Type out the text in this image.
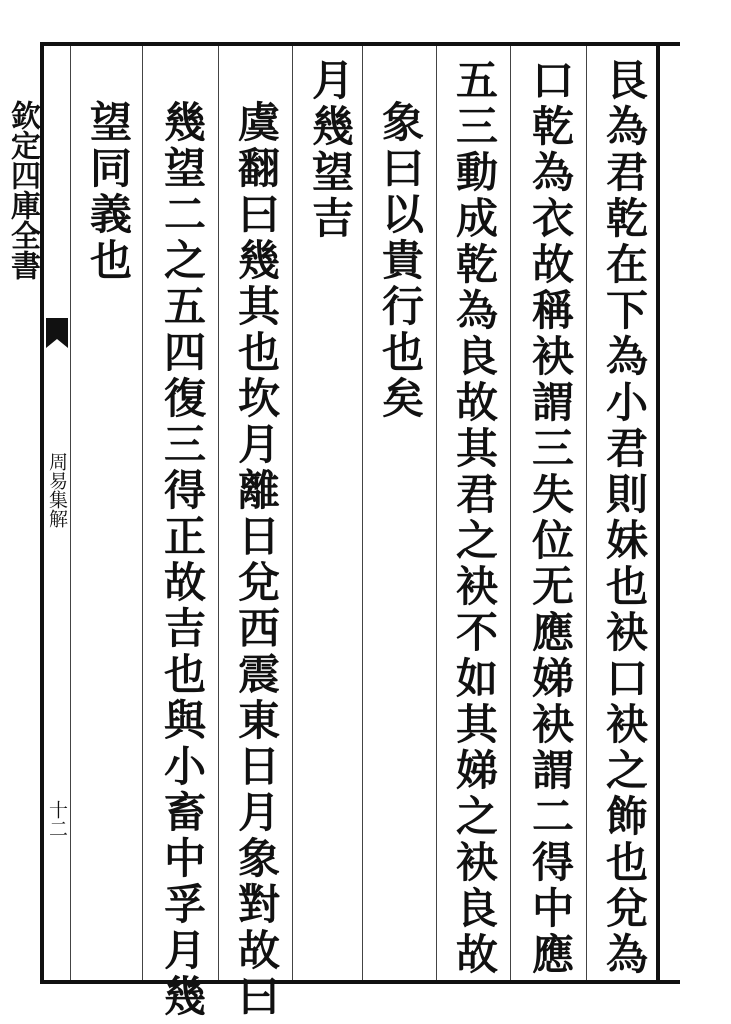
欽定四庫全書
周易集解
十二	艮為君乾在下為小君則妹也袂口袂之飾也兌為
口乾為衣故稱袂謂三失位无應娣袂謂二得中應
五三動成乾為良故其君之袂不如其娣之袂良故
象曰以貴行也矣
月幾望吉
虞翻曰幾其也坎月離日兌西震東日月象對故曰
幾望二之五四復三得正故吉也與小畜中孚月幾
望同義也
